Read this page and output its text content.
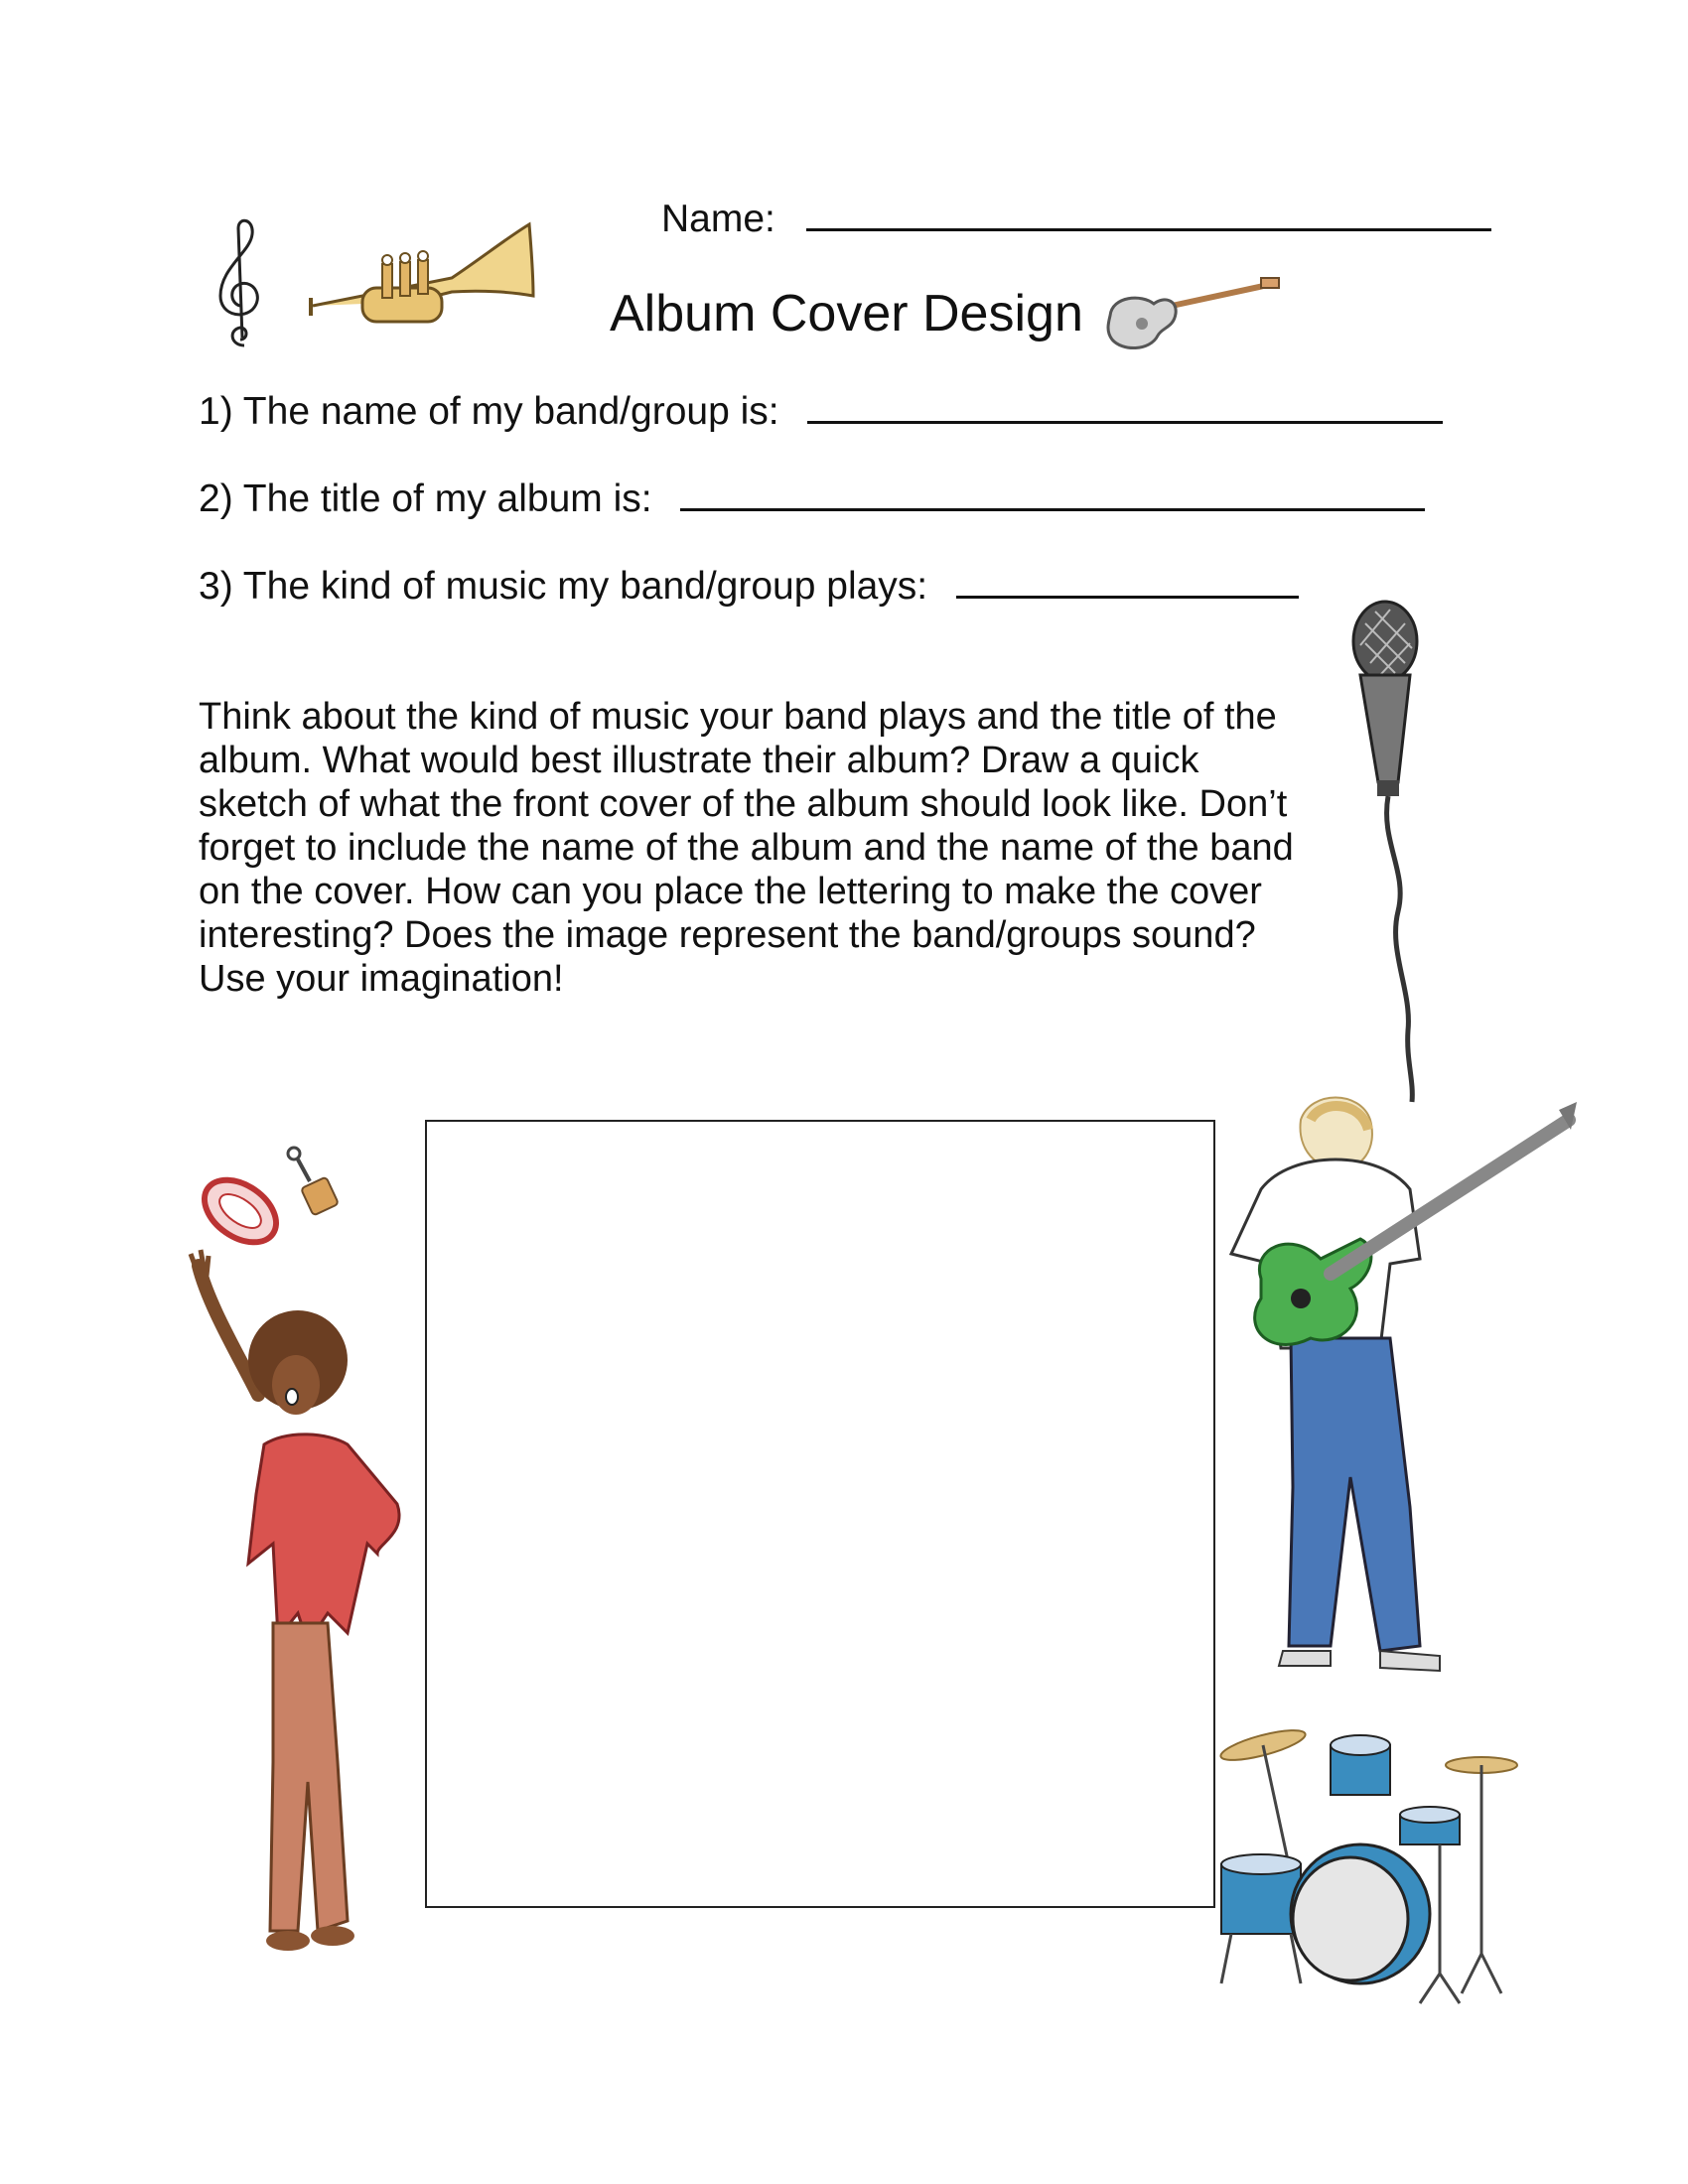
Name:
Album Cover Design
1) The name of my band/group is:
2) The title of my album is:
3) The kind of music my band/group plays:
Think about the kind of music your band plays and the title of the
album. What would best illustrate their album? Draw a quick
sketch of what the front cover of the album should look like. Don’t
forget to include the name of the album and the name of the band
on the cover. How can you place the lettering to make the cover
interesting? Does the image represent the band/groups sound?
Use your imagination!
